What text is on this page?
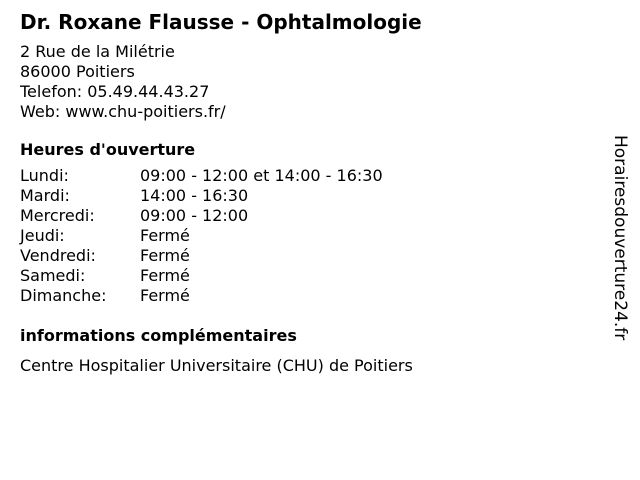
Dr. Roxane Flausse - Ophtalmologie
2 Rue de la Milétrie
86000 Poitiers
Telefon: 05.49.44.43.27
Web: www.chu-poitiers.fr/
Heures d'ouverture
Lundi:	09:00 - 12:00 et 14:00 - 16:30
Mardi:	14:00 - 16:30
Mercredi:	09:00 - 12:00
Jeudi:	Fermé
Vendredi:	Fermé
Samedi:	Fermé
Dimanche:	Fermé
informations complémentaires
Centre Hospitalier Universitaire (CHU) de Poitiers
Horairesdouverture24.fr
